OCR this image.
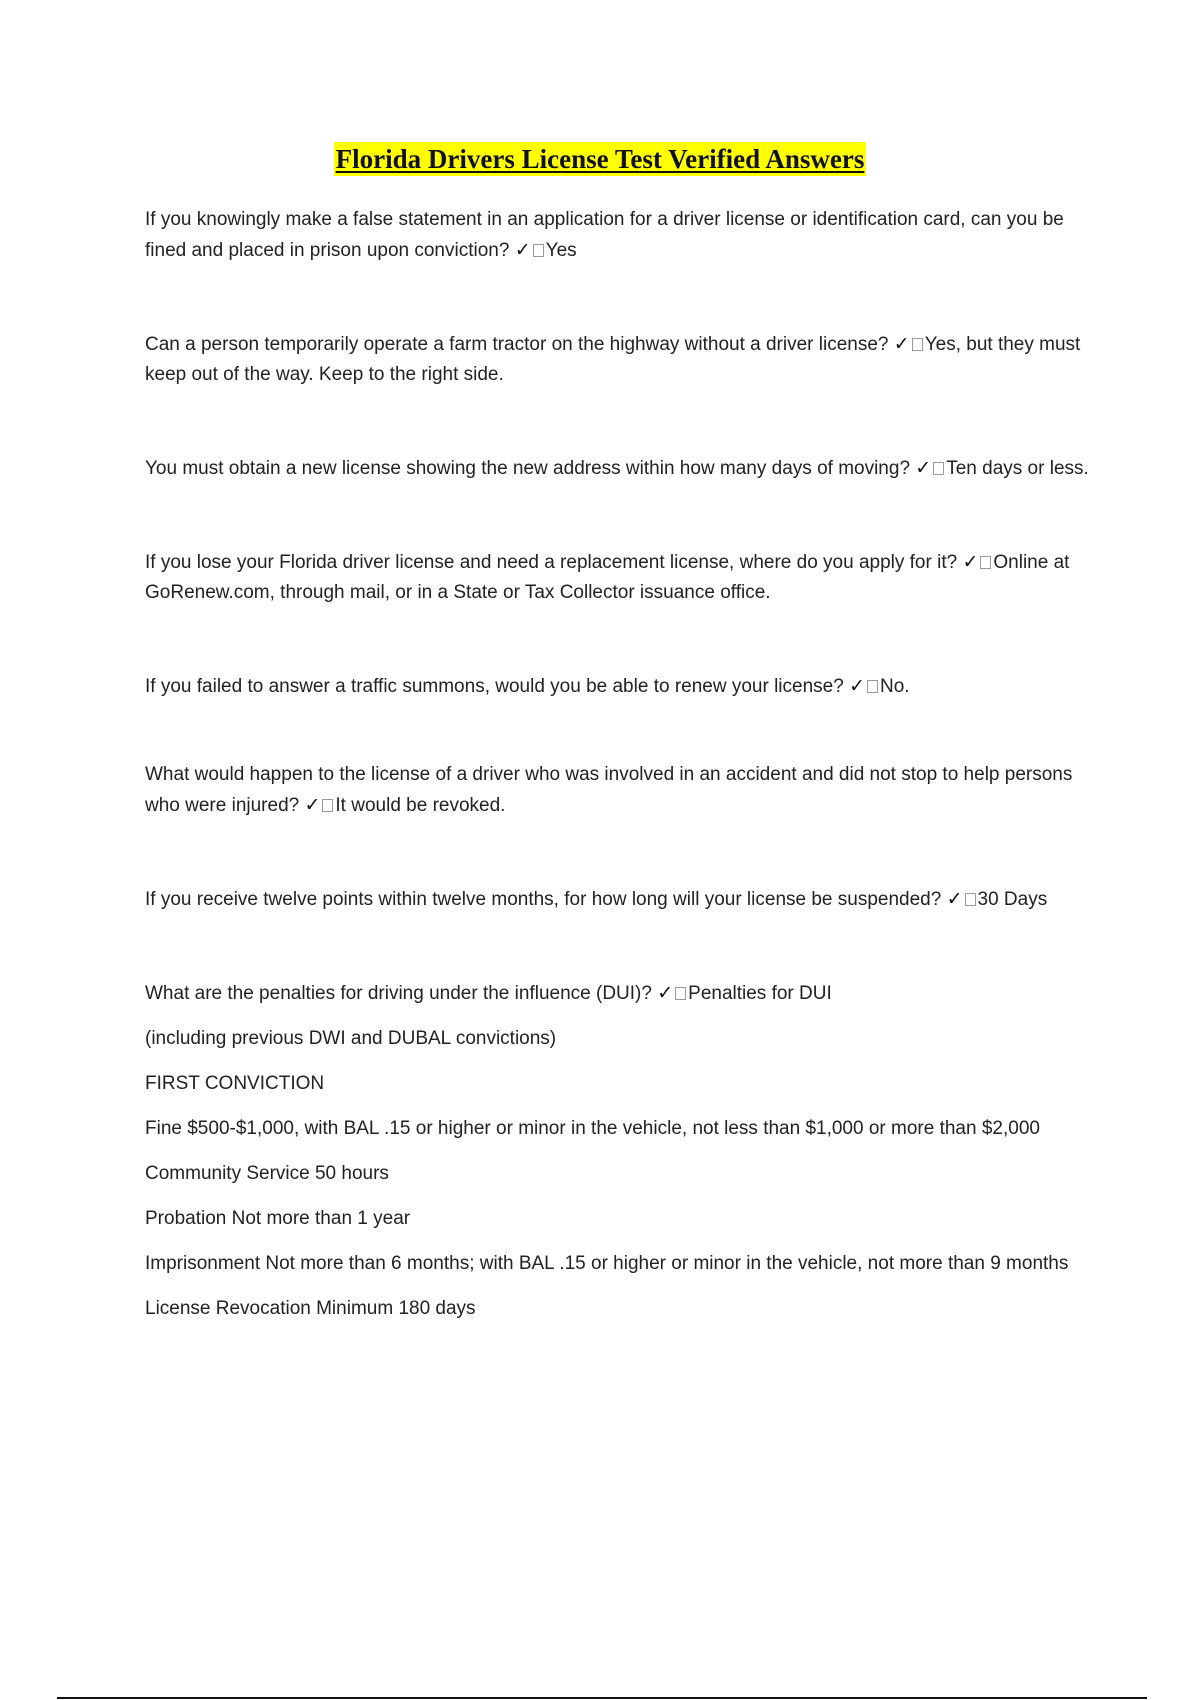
Florida Drivers License Test Verified Answers

If you knowingly make a false statement in an application for a driver license or identification card, can you be fined and placed in prison upon conviction? ✓ Yes

Can a person temporarily operate a farm tractor on the highway without a driver license? ✓ Yes, but they must keep out of the way. Keep to the right side.

You must obtain a new license showing the new address within how many days of moving? ✓ Ten days or less.

If you lose your Florida driver license and need a replacement license, where do you apply for it? ✓ Online at GoRenew.com, through mail, or in a State or Tax Collector issuance office.

If you failed to answer a traffic summons, would you be able to renew your license? ✓ No.

What would happen to the license of a driver who was involved in an accident and did not stop to help persons who were injured? ✓ It would be revoked.

If you receive twelve points within twelve months, for how long will your license be suspended? ✓ 30 Days

What are the penalties for driving under the influence (DUI)? ✓ Penalties for DUI

(including previous DWI and DUBAL convictions)

FIRST CONVICTION

Fine $500-$1,000, with BAL .15 or higher or minor in the vehicle, not less than $1,000 or more than $2,000

Community Service 50 hours

Probation Not more than 1 year

Imprisonment Not more than 6 months; with BAL .15 or higher or minor in the vehicle, not more than 9 months

License Revocation Minimum 180 days
